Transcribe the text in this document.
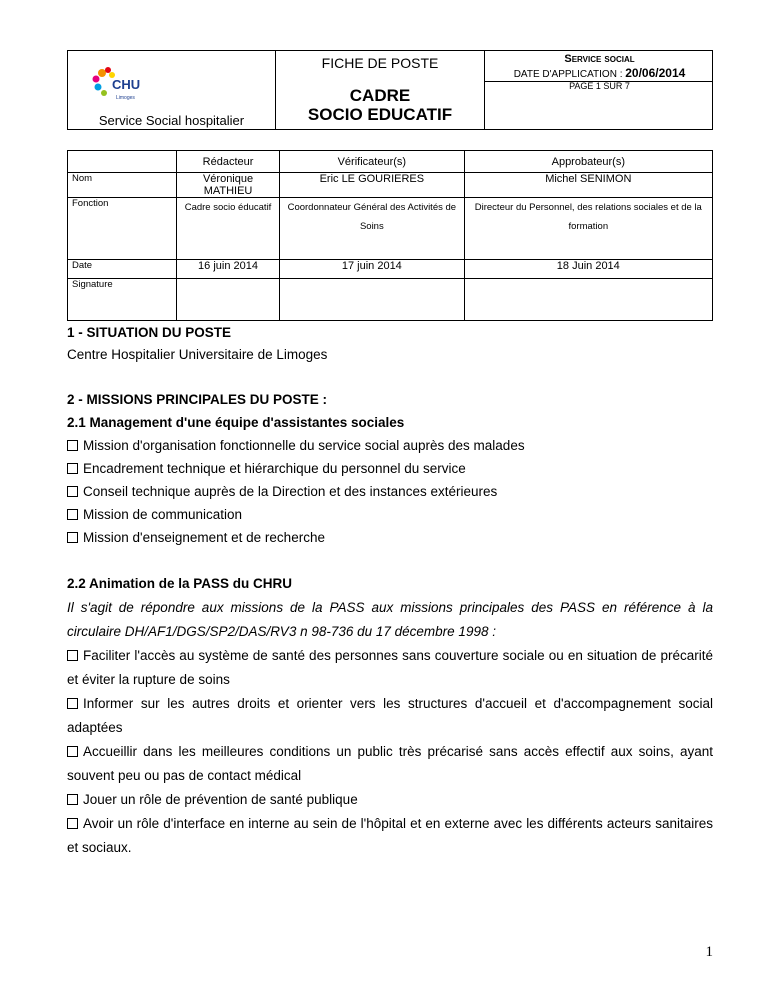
CHU
Limoges
Service Social hospitalier
FICHE DE POSTE
CADRE
SOCIO EDUCATIF
Service social
DATE D'APPLICATION : 20/06/2014
PAGE 1 SUR 7
	Rédacteur	Vérificateur(s)	Approbateur(s)
Nom	Véronique MATHIEU	Eric LE GOURIERES	Michel SENIMON
Fonction	Cadre socio éducatif	Coordonnateur Général des Activités de Soins	Directeur du Personnel, des relations sociales et de la formation
Date	16 juin 2014	17 juin 2014	18 Juin 2014
Signature			
1 - SITUATION DU POSTE
Centre Hospitalier Universitaire de Limoges
2 - MISSIONS PRINCIPALES DU POSTE :
2.1 Management d'une équipe d'assistantes sociales
Mission d'organisation fonctionnelle du service social auprès des malades
Encadrement technique et hiérarchique du personnel du service
Conseil technique auprès de la Direction et des instances extérieures
Mission de communication
Mission d'enseignement et de recherche
2.2 Animation de la PASS du CHRU
Il s'agit de répondre aux missions de la PASS aux missions principales des PASS en référence à la circulaire DH/AF1/DGS/SP2/DAS/RV3 n 98-736 du 17 décembre 1998 :
Faciliter l'accès au système de santé des personnes sans couverture sociale ou en situation de précarité et éviter la rupture de soins
Informer sur les autres droits et orienter vers les structures d'accueil et d'accompagnement social adaptées
Accueillir dans les meilleures conditions un public très précarisé sans accès effectif aux soins, ayant souvent peu ou pas de contact médical
Jouer un rôle de prévention de santé publique
Avoir un rôle d'interface en interne au sein de l'hôpital et en externe avec les différents acteurs sanitaires et sociaux.
1
